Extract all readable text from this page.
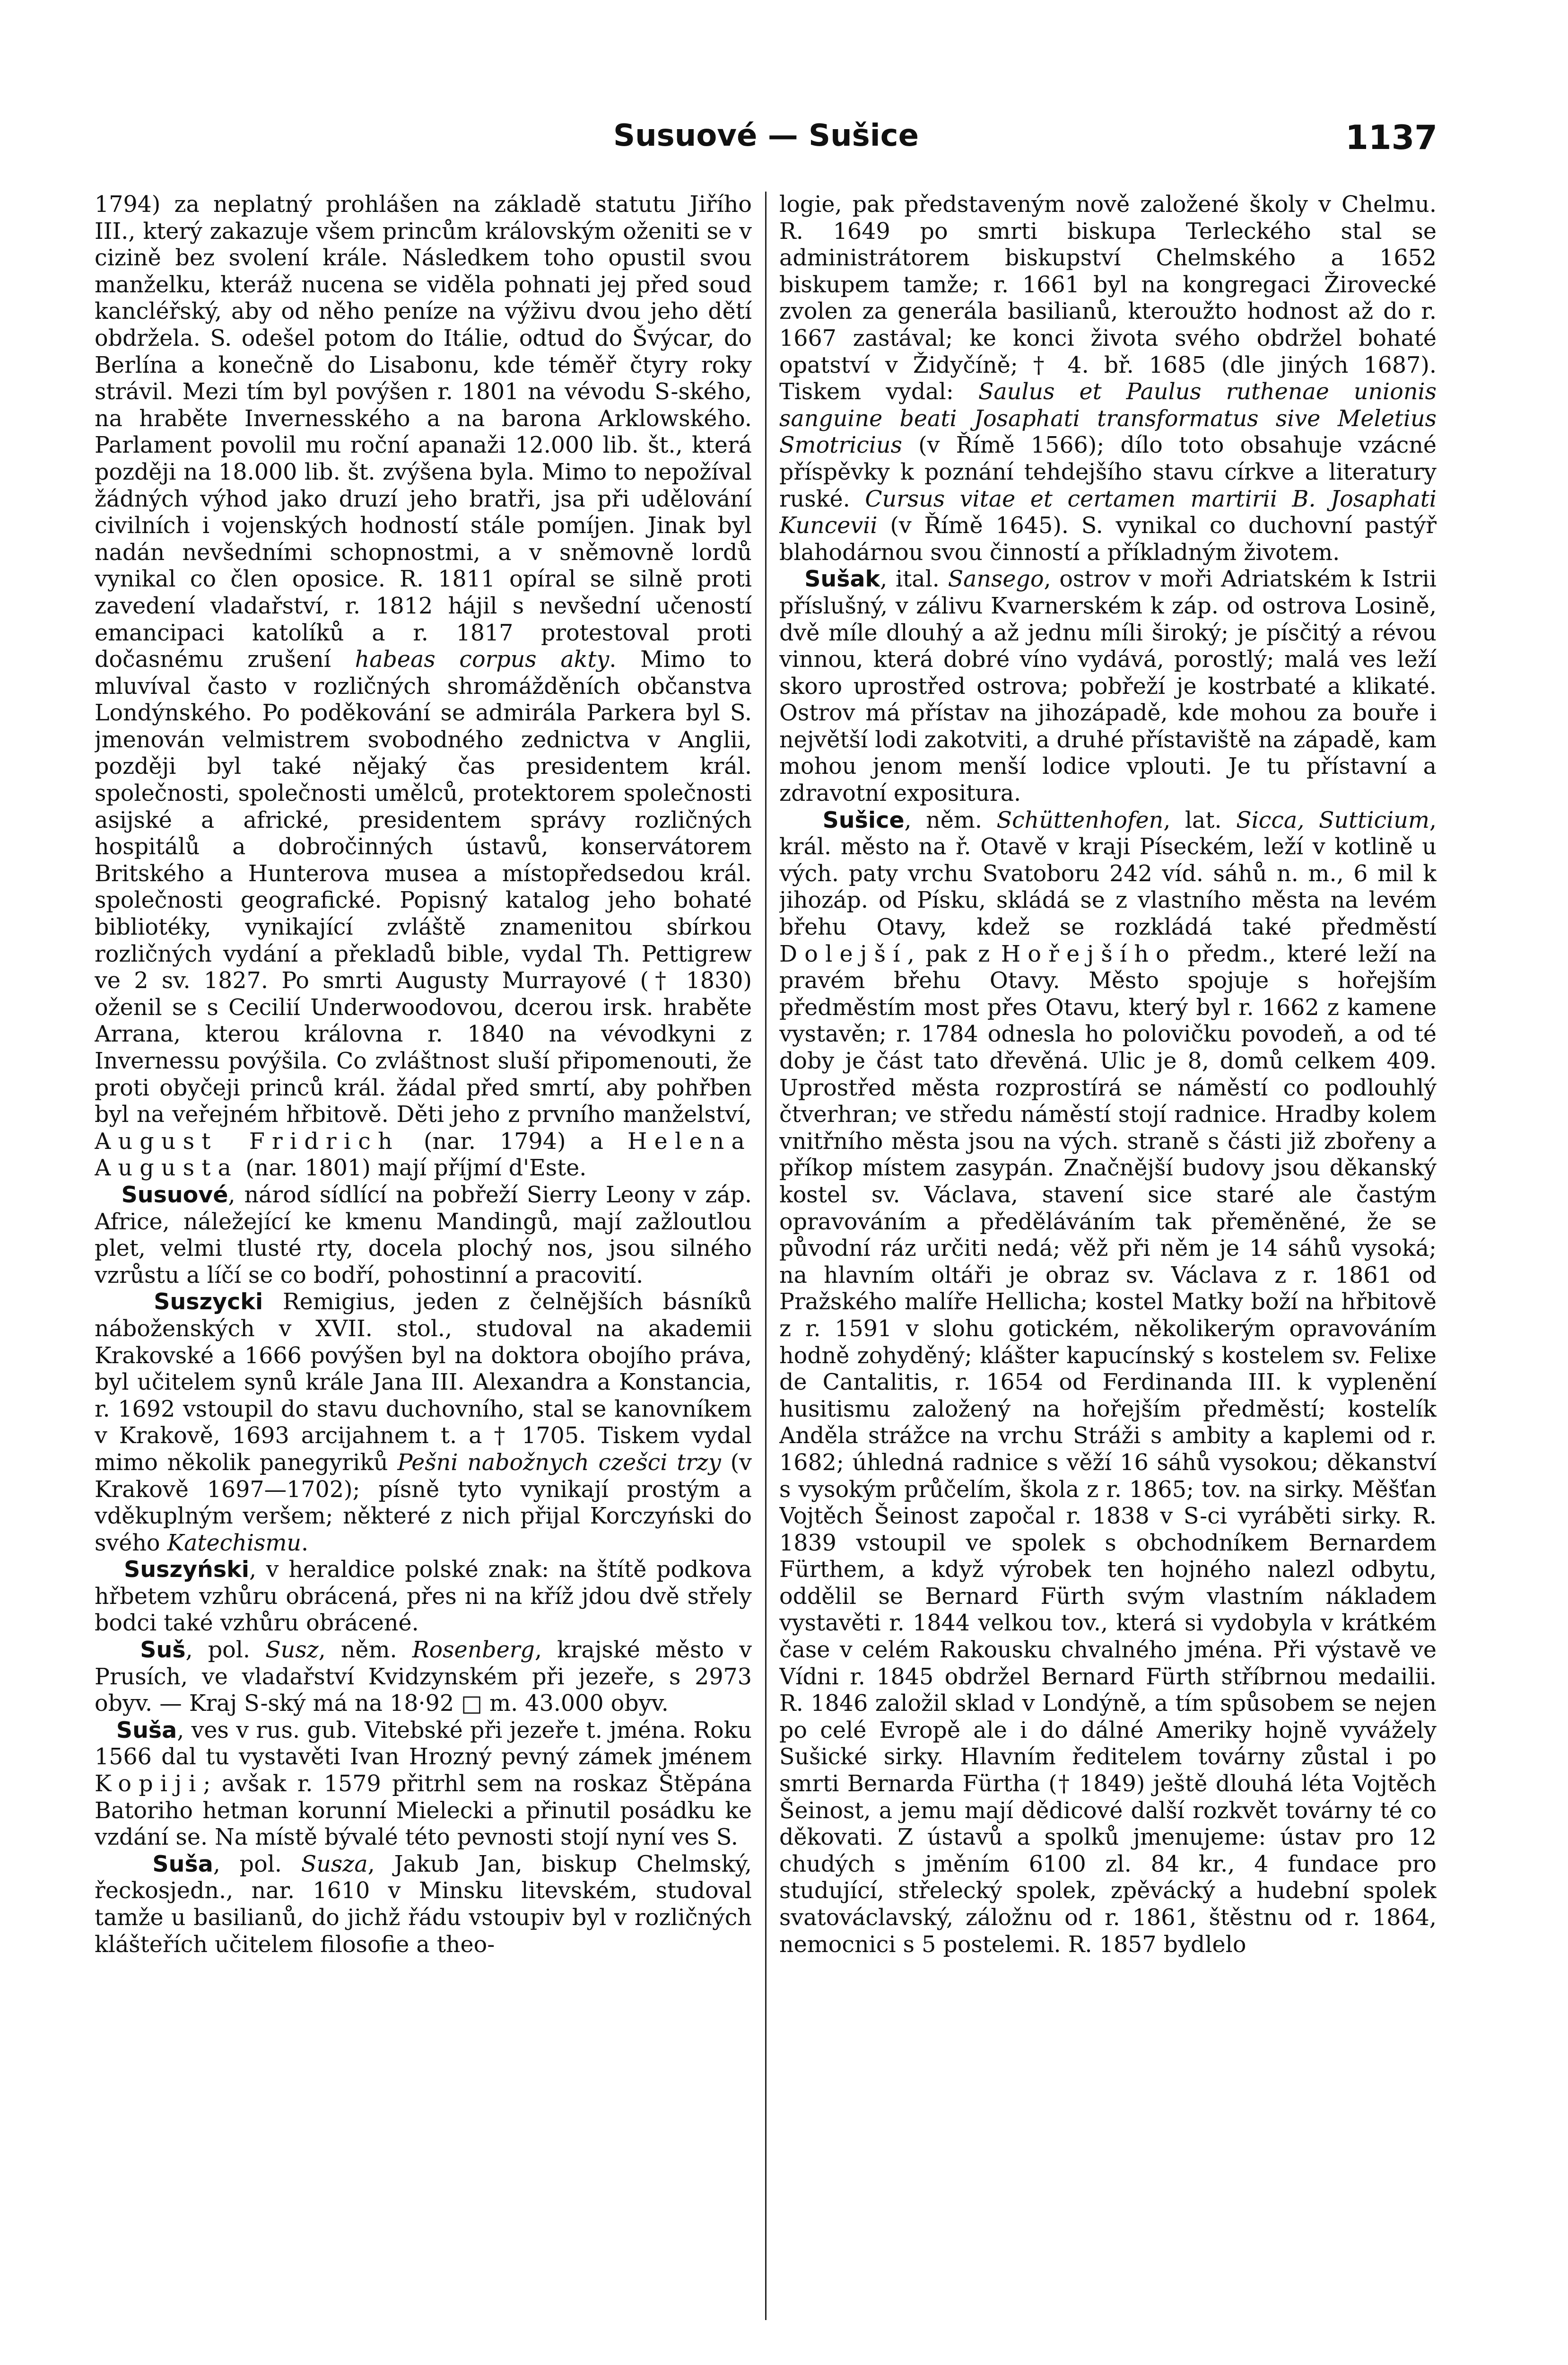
Susuové — Sušice	1137

1794) za neplatný prohlášen na základě statutu Jiřího III., který zakazuje všem princům královským oženiti se v cizině bez svolení krále. Následkem toho opustil svou manželku, kteráž nucena se viděla pohnati jej před soud kancléřský, aby od něho peníze na výživu dvou jeho dětí obdržela. S. odešel potom do Itálie, odtud do Švýcar, do Berlína a konečně do Lisabonu, kde téměř čtyry roky strávil. Mezi tím byl povýšen r. 1801 na vévodu S-ského, na hraběte Invernesského a na barona Arklowského. Parlament povolil mu roční apanaži 12.000 lib. št., která později na 18.000 lib. št. zvýšena byla. Mimo to nepožíval žádných výhod jako druzí jeho bratři, jsa při udělování civilních i vojenských hodností stále pomíjen. Jinak byl nadán nevšedními schopnostmi, a v sněmovně lordů vynikal co člen oposice. R. 1811 opíral se silně proti zavedení vladařství, r. 1812 hájil s nevšední učeností emancipaci katolíků a r. 1817 protestoval proti dočasnému zrušení habeas corpus akty. Mimo to mluvíval často v rozličných shromážděních občanstva Londýnského. Po poděkování se admirála Parkera byl S. jmenován velmistrem svobodného zednictva v Anglii, později byl také nějaký čas presidentem král. společnosti, společnosti umělců, protektorem společnosti asijské a africké, presidentem správy rozličných hospitálů a dobročinných ústavů, konservátorem Britského a Hunterova musea a místopředsedou král. společnosti geografické. Popisný katalog jeho bohaté bibliotéky, vynikající zvláště znamenitou sbírkou rozličných vydání a překladů bible, vydal Th. Pettigrew ve 2 sv. 1827. Po smrti Augusty Murrayové († 1830) oženil se s Cecilií Underwoodovou, dcerou irsk. hraběte Arrana, kterou královna r. 1840 na vévodkyni z Invernessu povýšila. Co zvláštnost sluší připomenouti, že proti obyčeji princů král. žádal před smrtí, aby pohřben byl na veřejném hřbitově. Děti jeho z prvního manželství, August Fridrich (nar. 1794) a Helena Augusta (nar. 1801) mají příjmí d'Este.

Susuové, národ sídlící na pobřeží Sierry Leony v záp. Africe, náležející ke kmenu Mandingů, mají zažloutlou plet, velmi tlusté rty, docela plochý nos, jsou silného vzrůstu a líčí se co bodří, pohostinní a pracovití.

Suszycki Remigius, jeden z čelnějších básníků náboženských v XVII. stol., studoval na akademii Krakovské a 1666 povýšen byl na doktora obojího práva, byl učitelem synů krále Jana III. Alexandra a Konstancia, r. 1692 vstoupil do stavu duchovního, stal se kanovníkem v Krakově, 1693 arcijahnem t. a † 1705. Tiskem vydal mimo několik panegyriků Pešni nabožnych czešci trzy (v Krakově 1697—1702); písně tyto vynikají prostým a vděkuplným veršem; některé z nich přijal Korczyński do svého Katechismu.

Suszyński, v heraldice polské znak: na štítě podkova hřbetem vzhůru obrácená, přes ni na kříž jdou dvě střely bodci také vzhůru obrácené.

Suš, pol. Susz, něm. Rosenberg, krajské město v Prusích, ve vladařství Kvidzynském při jezeře, s 2973 obyv. — Kraj S-ský má na 18·92 □ m. 43.000 obyv.

Suša, ves v rus. gub. Vitebské při jezeře t. jména. Roku 1566 dal tu vystavěti Ivan Hrozný pevný zámek jménem Kopiji; avšak r. 1579 přitrhl sem na roskaz Štěpána Batoriho hetman korunní Mielecki a přinutil posádku ke vzdání se. Na místě bývalé této pevnosti stojí nyní ves S.

Suša, pol. Susza, Jakub Jan, biskup Chelmský, řeckosjedn., nar. 1610 v Minsku litevském, studoval tamže u basilianů, do jichž řádu vstoupiv byl v rozličných klášteřích učitelem filosofie a theo-

logie, pak představeným nově založené školy v Chelmu. R. 1649 po smrti biskupa Terleckého stal se administrátorem biskupství Chelmského a 1652 biskupem tamže; r. 1661 byl na kongregaci Žirovecké zvolen za generála basilianů, kteroužto hodnost až do r. 1667 zastával; ke konci života svého obdržel bohaté opatství v Židyčíně; † 4. bř. 1685 (dle jiných 1687). Tiskem vydal: Saulus et Paulus ruthenae unionis sanguine beati Josaphati transformatus sive Meletius Smotricius (v Římě 1566); dílo toto obsahuje vzácné příspěvky k poznání tehdejšího stavu církve a literatury ruské. Cursus vitae et certamen martirii B. Josaphati Kuncevii (v Římě 1645). S. vynikal co duchovní pastýř blahodárnou svou činností a příkladným životem.

Sušak, ital. Sansego, ostrov v moři Adriatském k Istrii příslušný, v zálivu Kvarnerském k záp. od ostrova Losině, dvě míle dlouhý a až jednu míli široký; je písčitý a révou vinnou, která dobré víno vydává, porostlý; malá ves leží skoro uprostřed ostrova; pobřeží je kostrbaté a klikaté. Ostrov má přístav na jihozápadě, kde mohou za bouře i největší lodi zakotviti, a druhé přístaviště na západě, kam mohou jenom menší lodice vplouti. Je tu přístavní a zdravotní expositura.

Sušice, něm. Schüttenhofen, lat. Sicca, Sutticium, král. město na ř. Otavě v kraji Píseckém, leží v kotlině u vých. paty vrchu Svatoboru 242 víd. sáhů n. m., 6 mil k jihozáp. od Písku, skládá se z vlastního města na levém břehu Otavy, kdež se rozkládá také předměstí Dolejší, pak z Hořejšího předm., které leží na pravém břehu Otavy. Město spojuje s hořejším předměstím most přes Otavu, který byl r. 1662 z kamene vystavěn; r. 1784 odnesla ho polovičku povodeň, a od té doby je část tato dřevěná. Ulic je 8, domů celkem 409. Uprostřed města rozprostírá se náměstí co podlouhlý čtverhran; ve středu náměstí stojí radnice. Hradby kolem vnitřního města jsou na vých. straně s části již zbořeny a příkop místem zasypán. Značnější budovy jsou děkanský kostel sv. Václava, stavení sice staré ale častým opravováním a předěláváním tak přeměněné, že se původní ráz určiti nedá; věž při něm je 14 sáhů vysoká; na hlavním oltáři je obraz sv. Václava z r. 1861 od Pražského malíře Hellicha; kostel Matky boží na hřbitově z r. 1591 v slohu gotickém, několikerým opravováním hodně zohyděný; klášter kapucínský s kostelem sv. Felixe de Cantalitis, r. 1654 od Ferdinanda III. k vyplenění husitismu založený na hořejším předměstí; kostelík Anděla strážce na vrchu Stráži s ambity a kaplemi od r. 1682; úhledná radnice s věží 16 sáhů vysokou; děkanství s vysokým průčelím, škola z r. 1865; tov. na sirky. Měšťan Vojtěch Šeinost započal r. 1838 v S-ci vyráběti sirky. R. 1839 vstoupil ve spolek s obchodníkem Bernardem Fürthem, a když výrobek ten hojného nalezl odbytu, oddělil se Bernard Fürth svým vlastním nákladem vystavěti r. 1844 velkou tov., která si vydobyla v krátkém čase v celém Rakousku chvalného jména. Při výstavě ve Vídni r. 1845 obdržel Bernard Fürth stříbrnou medailii. R. 1846 založil sklad v Londýně, a tím spůsobem se nejen po celé Evropě ale i do dálné Ameriky hojně vyvážely Sušické sirky. Hlavním ředitelem továrny zůstal i po smrti Bernarda Fürtha († 1849) ještě dlouhá léta Vojtěch Šeinost, a jemu mají dědicové další rozkvět továrny té co děkovati. Z ústavů a spolků jmenujeme: ústav pro 12 chudých s jměním 6100 zl. 84 kr., 4 fundace pro studující, střelecký spolek, zpěvácký a hudební spolek svatováclavský, záložnu od r. 1861, štěstnu od r. 1864, nemocnici s 5 postelemi. R. 1857 bydlelo
